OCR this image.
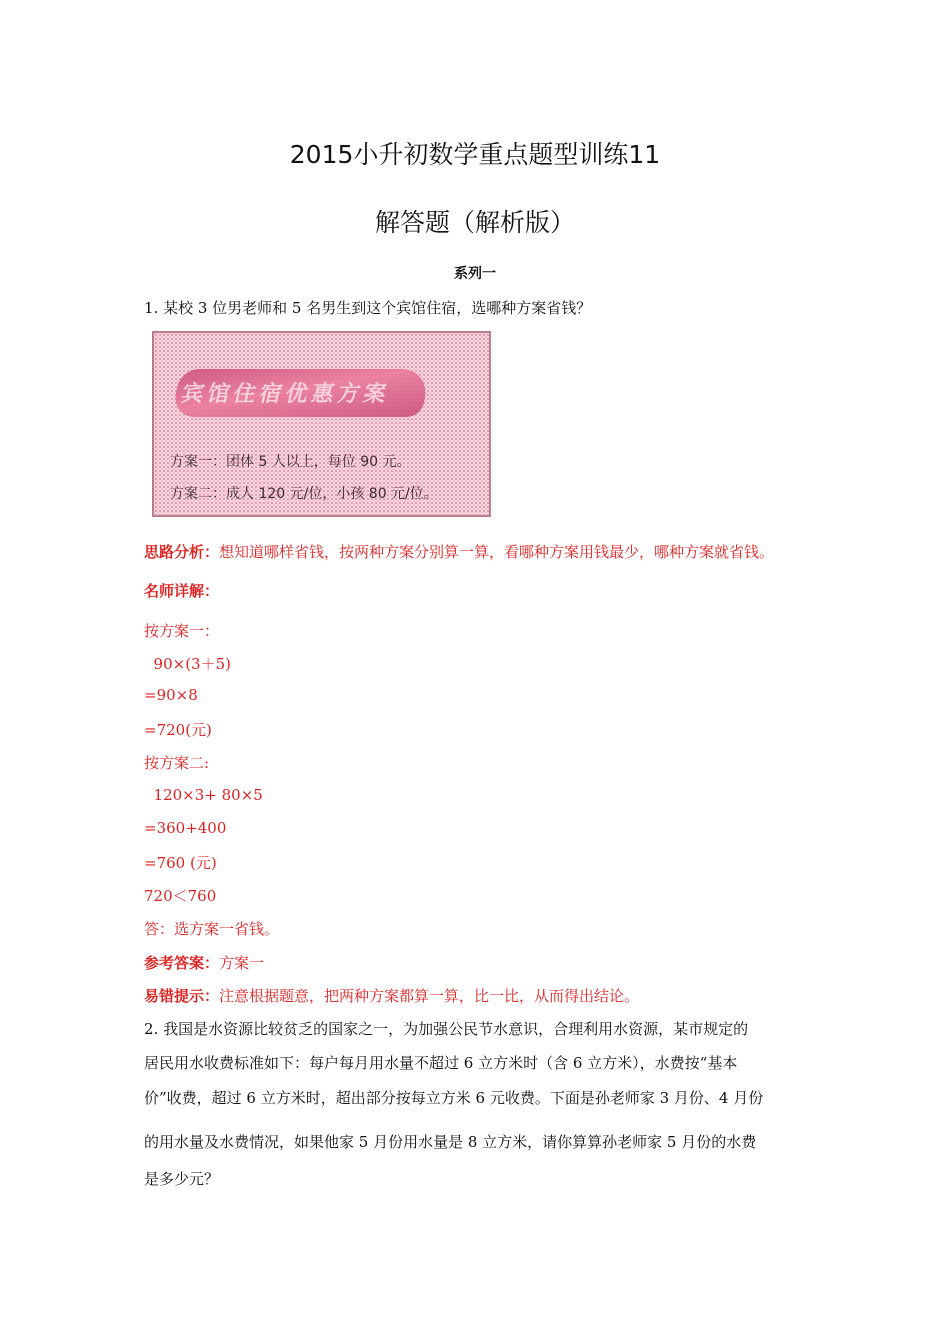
2015小升初数学重点题型训练11
解答题（解析版）
系列一
1. 某校 3 位男老师和 5 名男生到这个宾馆住宿，选哪种方案省钱？
宾馆住宿优惠方案
方案一：团体 5 人以上，每位 90 元。
方案二：成人 120 元/位，小孩 80 元/位。
思路分析：想知道哪样省钱，按两种方案分别算一算，看哪种方案用钱最少，哪种方案就省钱。
名师详解：
按方案一：
90×(3＋5)
=90×8
=720(元)
按方案二:
120×3+ 80×5
=360+400
=760 (元)
720＜760
答：选方案一省钱。
参考答案：方案一
易错提示：注意根据题意，把两种方案都算一算，比一比，从而得出结论。
2. 我国是水资源比较贫乏的国家之一，为加强公民节水意识，合理利用水资源，某市规定的
居民用水收费标准如下：每户每月用水量不超过 6 立方米时（含 6 立方米），水费按“基本
价”收费，超过 6 立方米时，超出部分按每立方米 6 元收费。下面是孙老师家 3 月份、4 月份
的用水量及水费情况，如果他家 5 月份用水量是 8 立方米，请你算算孙老师家 5 月份的水费
是多少元？
